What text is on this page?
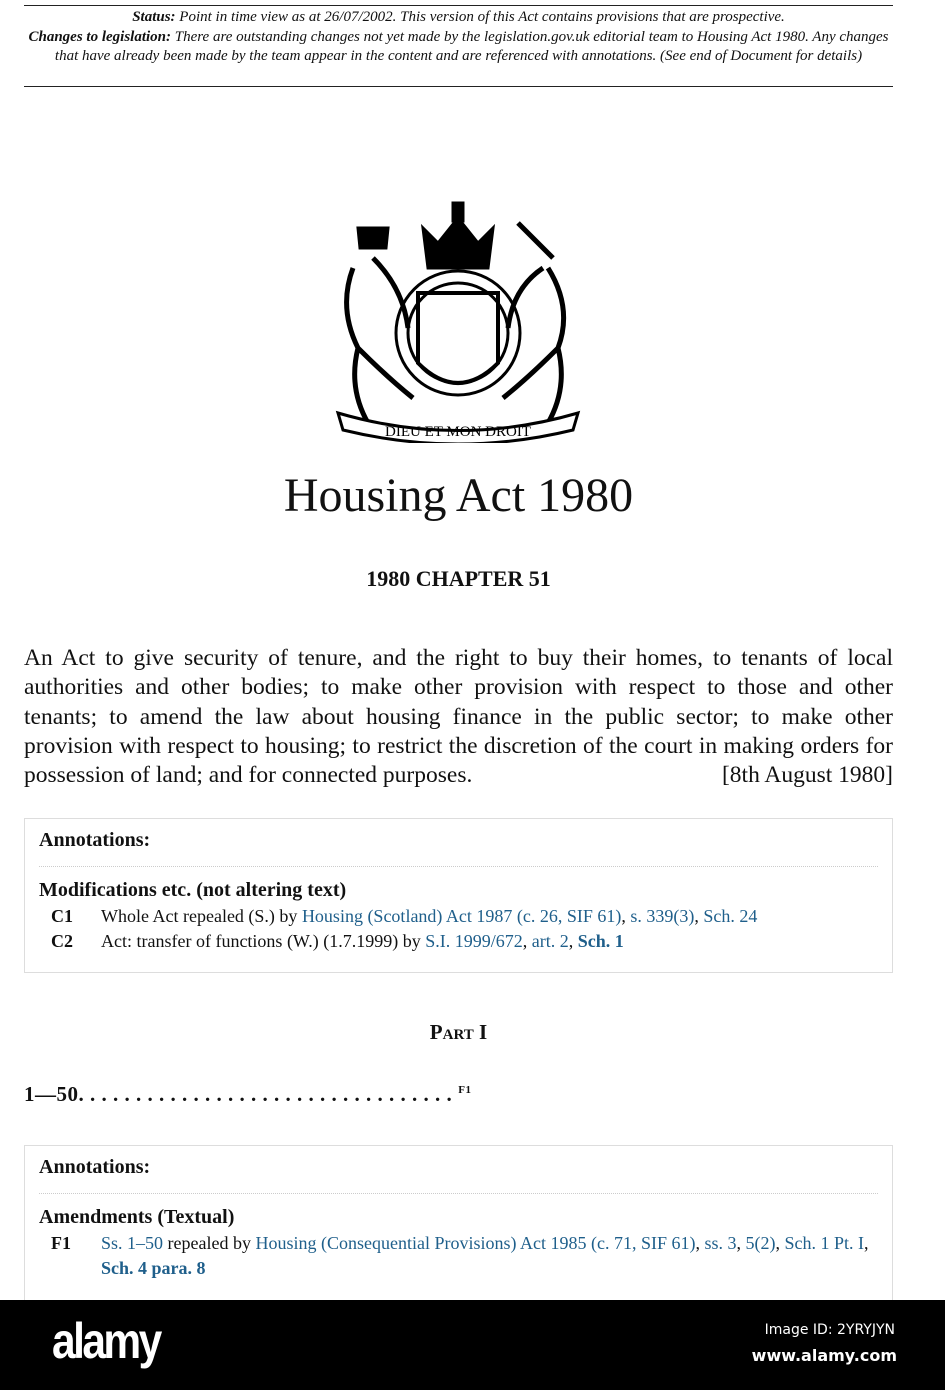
Status: Point in time view as at 26/07/2002. This version of this Act contains provisions that are prospective.
Changes to legislation: There are outstanding changes not yet made by the legislation.gov.uk editorial team to Housing Act 1980. Any changes that have already been made by the team appear in the content and are referenced with annotations. (See end of Document for details)
DIEU ET MON DROIT
Housing Act 1980
1980 CHAPTER 51
An Act to give security of tenure, and the right to buy their homes, to tenants of local authorities and other bodies; to make other provision with respect to those and other tenants; to amend the law about housing finance in the public sector; to make other provision with respect to housing; to restrict the discretion of the court in making orders for possession of land; and for connected purposes.	[8th August 1980]
Annotations:
Modifications etc. (not altering text)
C1	Whole Act repealed (S.) by Housing (Scotland) Act 1987 (c. 26, SIF 61), s. 339(3), Sch. 24
C2	Act: transfer of functions (W.) (1.7.1999) by S.I. 1999/672, art. 2, Sch. 1
Part I
1—50. . . . . . . . . . . . . . . . . . . . . . . . . . . . . . . . . $^{F1}$
Annotations:
Amendments (Textual)
F1	Ss. 1–50 repealed by Housing (Consequential Provisions) Act 1985 (c. 71, SIF 61), ss. 3, 5(2), Sch. 1 Pt. I, Sch. 4 para. 8
alamy	Image ID: 2YRYJYN
www.alamy.com
